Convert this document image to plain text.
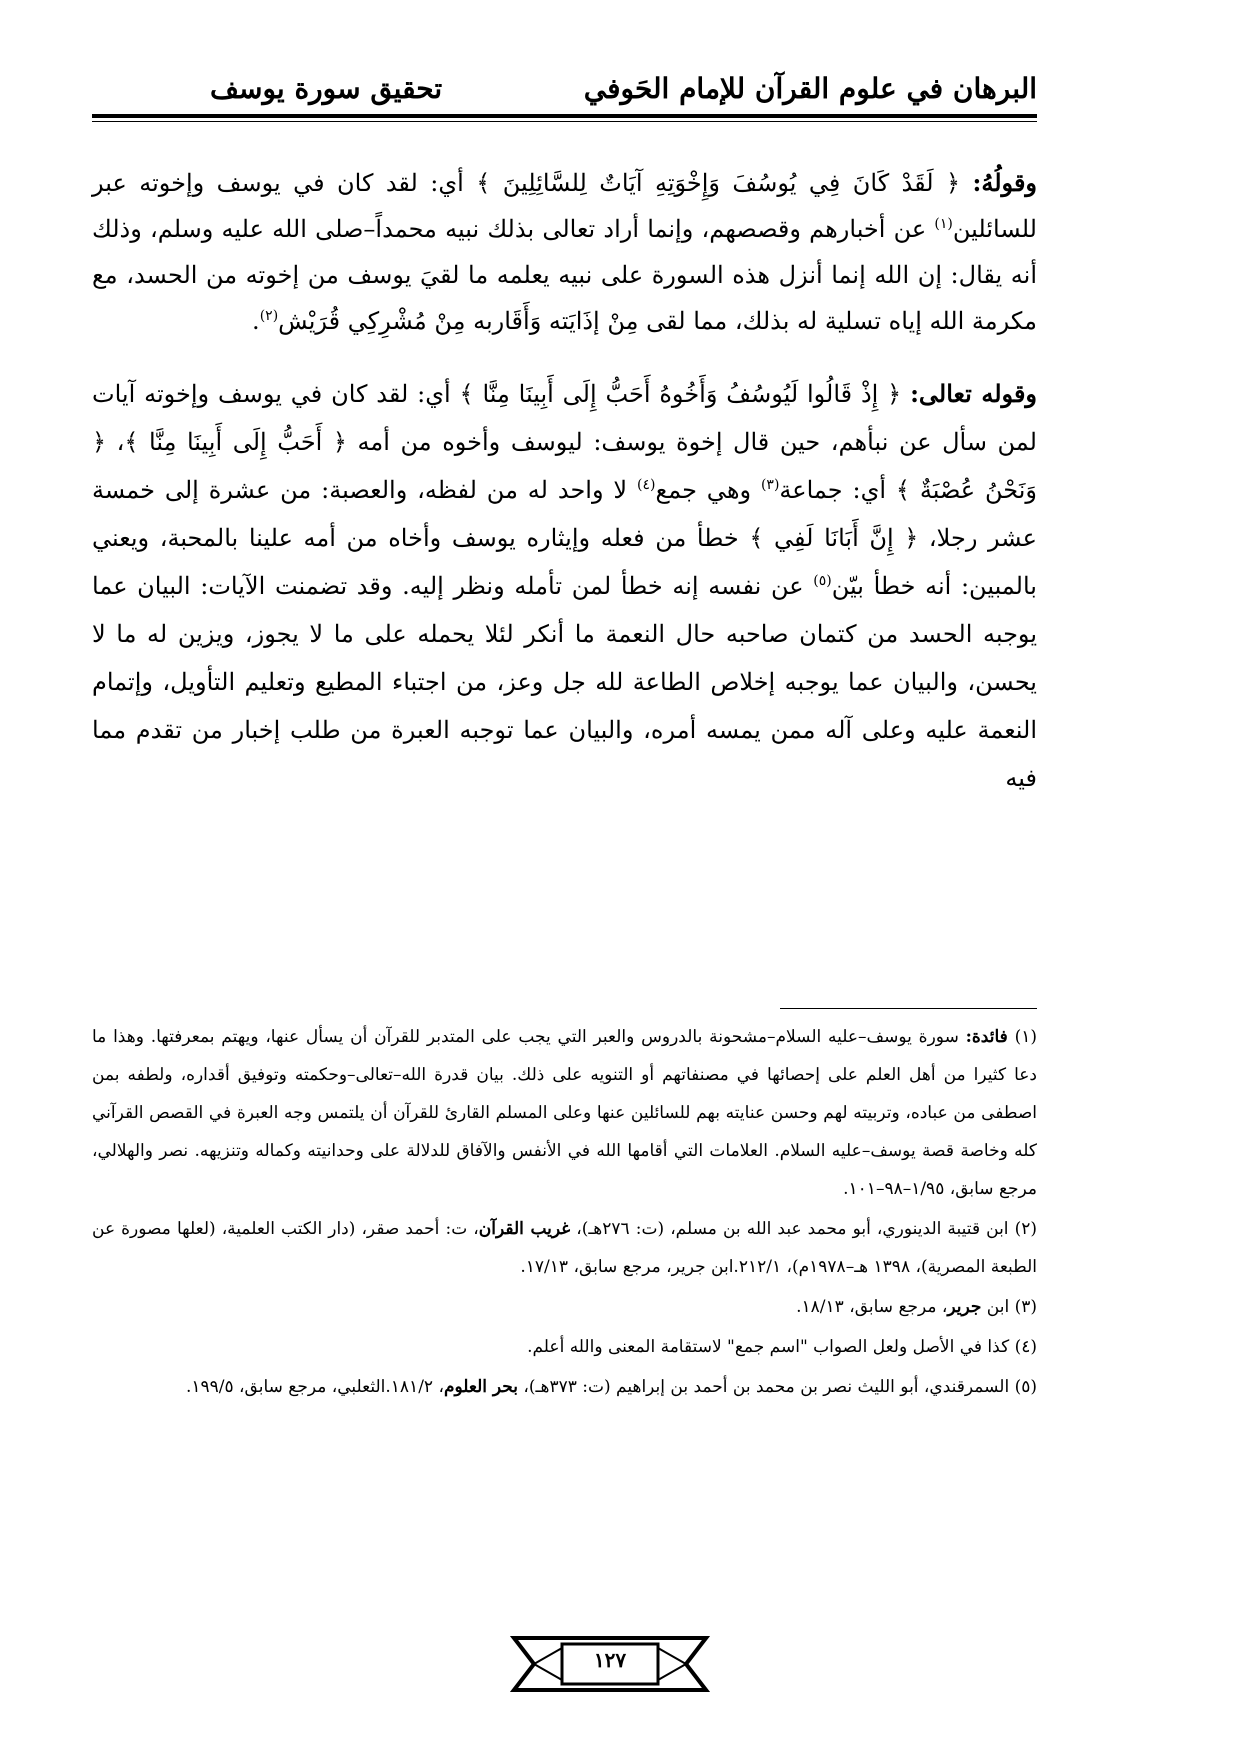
البرهان في علوم القرآن للإمام الحَوفي
تحقيق سورة يوسف

وقولُهُ: ﴿ لَقَدْ كَانَ فِي يُوسُفَ وَإِخْوَتِهِ آيَاتٌ لِلسَّائِلِينَ ﴾ أي: لقد كان في يوسف وإخوته عبر للسائلين$^{(١)}$ عن أخبارهم وقصصهم، وإنما أراد تعالى بذلك نبيه محمداً–صلى الله عليه وسلم، وذلك أنه يقال: إن الله إنما أنزل هذه السورة على نبيه يعلمه ما لقيَ يوسف من إخوته من الحسد، مع مكرمة الله إياه تسلية له بذلك، مما لقى مِنْ إذَايَته وَأَقَاربه مِنْ مُشْرِكِي قُرَيْش$^{(٢)}$.

وقوله تعالى: ﴿ إِذْ قَالُوا لَيُوسُفُ وَأَخُوهُ أَحَبُّ إِلَى أَبِينَا مِنَّا ﴾ أي: لقد كان في يوسف وإخوته آيات لمن سأل عن نبأهم، حين قال إخوة يوسف: ليوسف وأخوه من أمه ﴿ أَحَبُّ إِلَى أَبِينَا مِنَّا ﴾، ﴿ وَنَحْنُ عُصْبَةٌ ﴾ أي: جماعة$^{(٣)}$ وهي جمع$^{(٤)}$ لا واحد له من لفظه، والعصبة: من عشرة إلى خمسة عشر رجلا، ﴿ إِنَّ أَبَانَا لَفِي ﴾ خطأ من فعله وإيثاره يوسف وأخاه من أمه علينا بالمحبة، ويعني بالمبين: أنه خطأ بيّن$^{(٥)}$ عن نفسه إنه خطأ لمن تأمله ونظر إليه. وقد تضمنت الآيات: البيان عما يوجبه الحسد من كتمان صاحبه حال النعمة ما أنكر لئلا يحمله على ما لا يجوز، ويزين له ما لا يحسن، والبيان عما يوجبه إخلاص الطاعة لله جل وعز، من اجتباء المطيع وتعليم التأويل، وإتمام النعمة عليه وعلى آله ممن يمسه أمره، والبيان عما توجبه العبرة من طلب إخبار من تقدم مما فيه

(١) فائدة: سورة يوسف–عليه السلام–مشحونة بالدروس والعبر التي يجب على المتدبر للقرآن أن يسأل عنها، ويهتم بمعرفتها. وهذا ما دعا كثيرا من أهل العلم على إحصائها في مصنفاتهم أو التنويه على ذلك. بيان قدرة الله–تعالى–وحكمته وتوفيق أقداره، ولطفه بمن اصطفى من عباده، وتربيته لهم وحسن عنايته بهم للسائلين عنها وعلى المسلم القارئ للقرآن أن يلتمس وجه العبرة في القصص القرآني كله وخاصة قصة يوسف–عليه السلام. العلامات التي أقامها الله في الأنفس والآفاق للدلالة على وحدانيته وكماله وتنزيهه. نصر والهلالي، مرجع سابق، ١/٩٥–٩٨–١٠١.

(٢) ابن قتيبة الدينوري، أبو محمد عبد الله بن مسلم، (ت: ٢٧٦هـ)، غريب القرآن، ت: أحمد صقر، (دار الكتب العلمية، (لعلها مصورة عن الطبعة المصرية)، ١٣٩٨ هـ–١٩٧٨م)، ٢١٢/١.ابن جرير، مرجع سابق، ١٧/١٣.

(٣) ابن جرير، مرجع سابق، ١٨/١٣.

(٤) كذا في الأصل ولعل الصواب "اسم جمع" لاستقامة المعنى والله أعلم.

(٥) السمرقندي، أبو الليث نصر بن محمد بن أحمد بن إبراهيم (ت: ٣٧٣هـ)، بحر العلوم، ١٨١/٢.الثعلبي، مرجع سابق، ١٩٩/٥.

١٢٧
